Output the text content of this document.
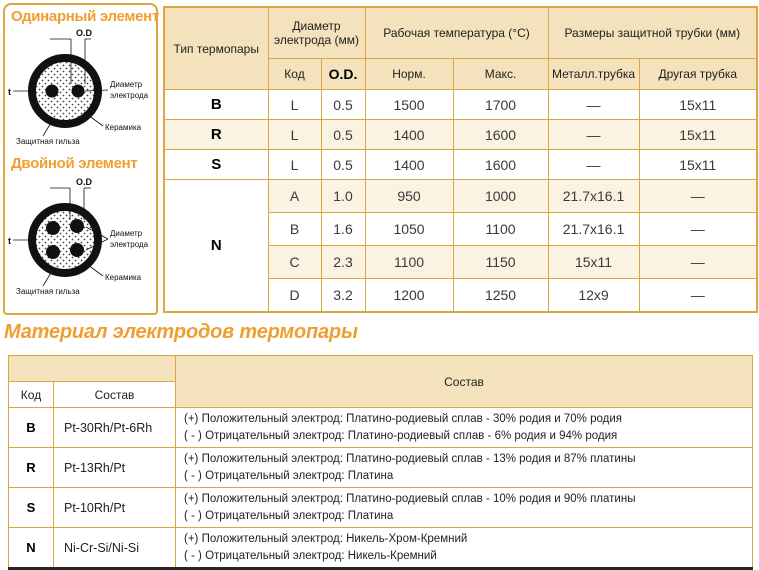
Одинарный элемент
O.D
t
Диаметр
электрода
Керамика
Защитная гильза
Двойной элемент
O.D
t
Диаметр
электрода
Керамика
Защитная гильза
Тип термопары	Диаметр электрода (мм)		Рабочая температура (°C)		Размеры защитной трубки (мм)	
	Код	O.D.	Норм.	Макс.	Металл.трубка	Другая трубка
B	L	0.5	1500	1700	—	15x11
R	L	0.5	1400	1600	—	15x11
S	L	0.5	1400	1600	—	15x11
N	A	1.0	950	1000	21.7x16.1	—
	B	1.6	1050	1100	21.7x16.1	—
	C	2.3	1100	1150	15x11	—
	D	3.2	1200	1250	12x9	—
Материал электродов термопары
		Состав
Код	Состав	
B	Pt-30Rh/Pt-6Rh	(+) Положительный электрод: Платино-родиевый сплав - 30% родия и 70% родия
( - ) Отрицательный электрод: Платино-родиевый сплав - 6% родия и 94% родия

R	Pt-13Rh/Pt	(+) Положительный электрод: Платино-родиевый сплав - 13% родия и 87% платины
( - ) Отрицательный электрод: Платина

S	Pt-10Rh/Pt	(+) Положительный электрод: Платино-родиевый сплав - 10% родия и 90% платины
( - ) Отрицательный электрод: Платина

N	Ni-Cr-Si/Ni-Si	(+) Положительный электрод: Никель-Хром-Кремний
( - ) Отрицательный электрод: Никель-Кремний
